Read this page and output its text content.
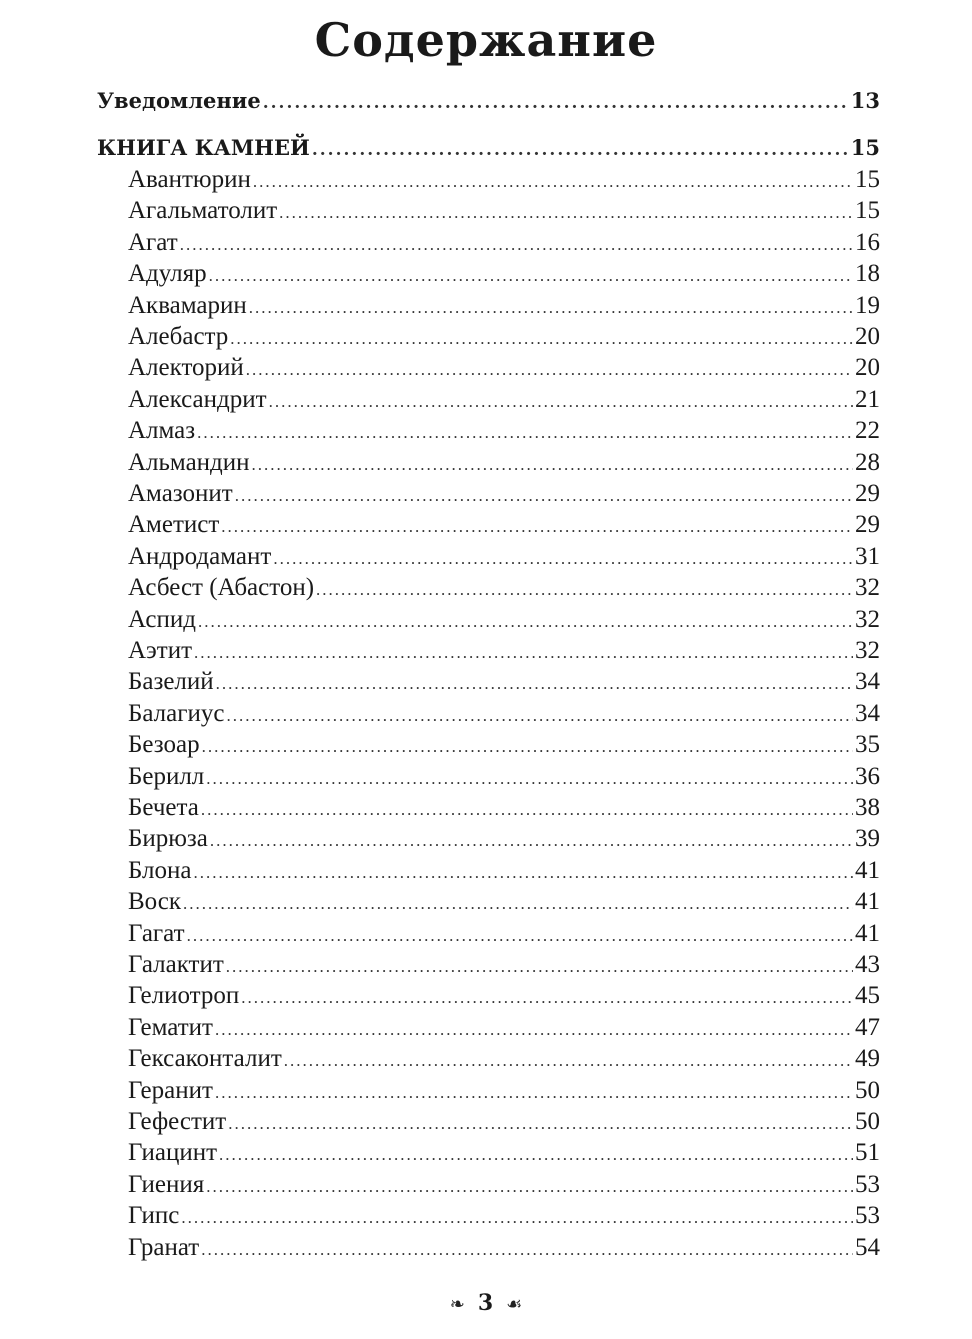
Содержание
Уведомление .....	13
КНИГА КАМНЕЙ .....	15
Авантюрин .....	15
Агальматолит .....	15
Агат .....	16
Адуляр .....	18
Аквамарин .....	19
Алебастр .....	20
Алекторий .....	20
Александрит .....	21
Алмаз .....	22
Альмандин .....	28
Амазонит .....	29
Аметист .....	29
Андродамант .....	31
Асбест (Абастон) .....	32
Аспид .....	32
Аэтит .....	32
Базелий .....	34
Балагиус .....	34
Безоар .....	35
Берилл .....	36
Бечета .....	38
Бирюза .....	39
Блона .....	41
Воск .....	41
Гагат .....	41
Галактит .....	43
Гелиотроп .....	45
Гематит .....	47
Гексаконталит .....	49
Геранит .....	50
Гефестит .....	50
Гиацинт .....	51
Гиения .....	53
Гипс .....	53
Гранат .....	54
❧ 3 ☙
